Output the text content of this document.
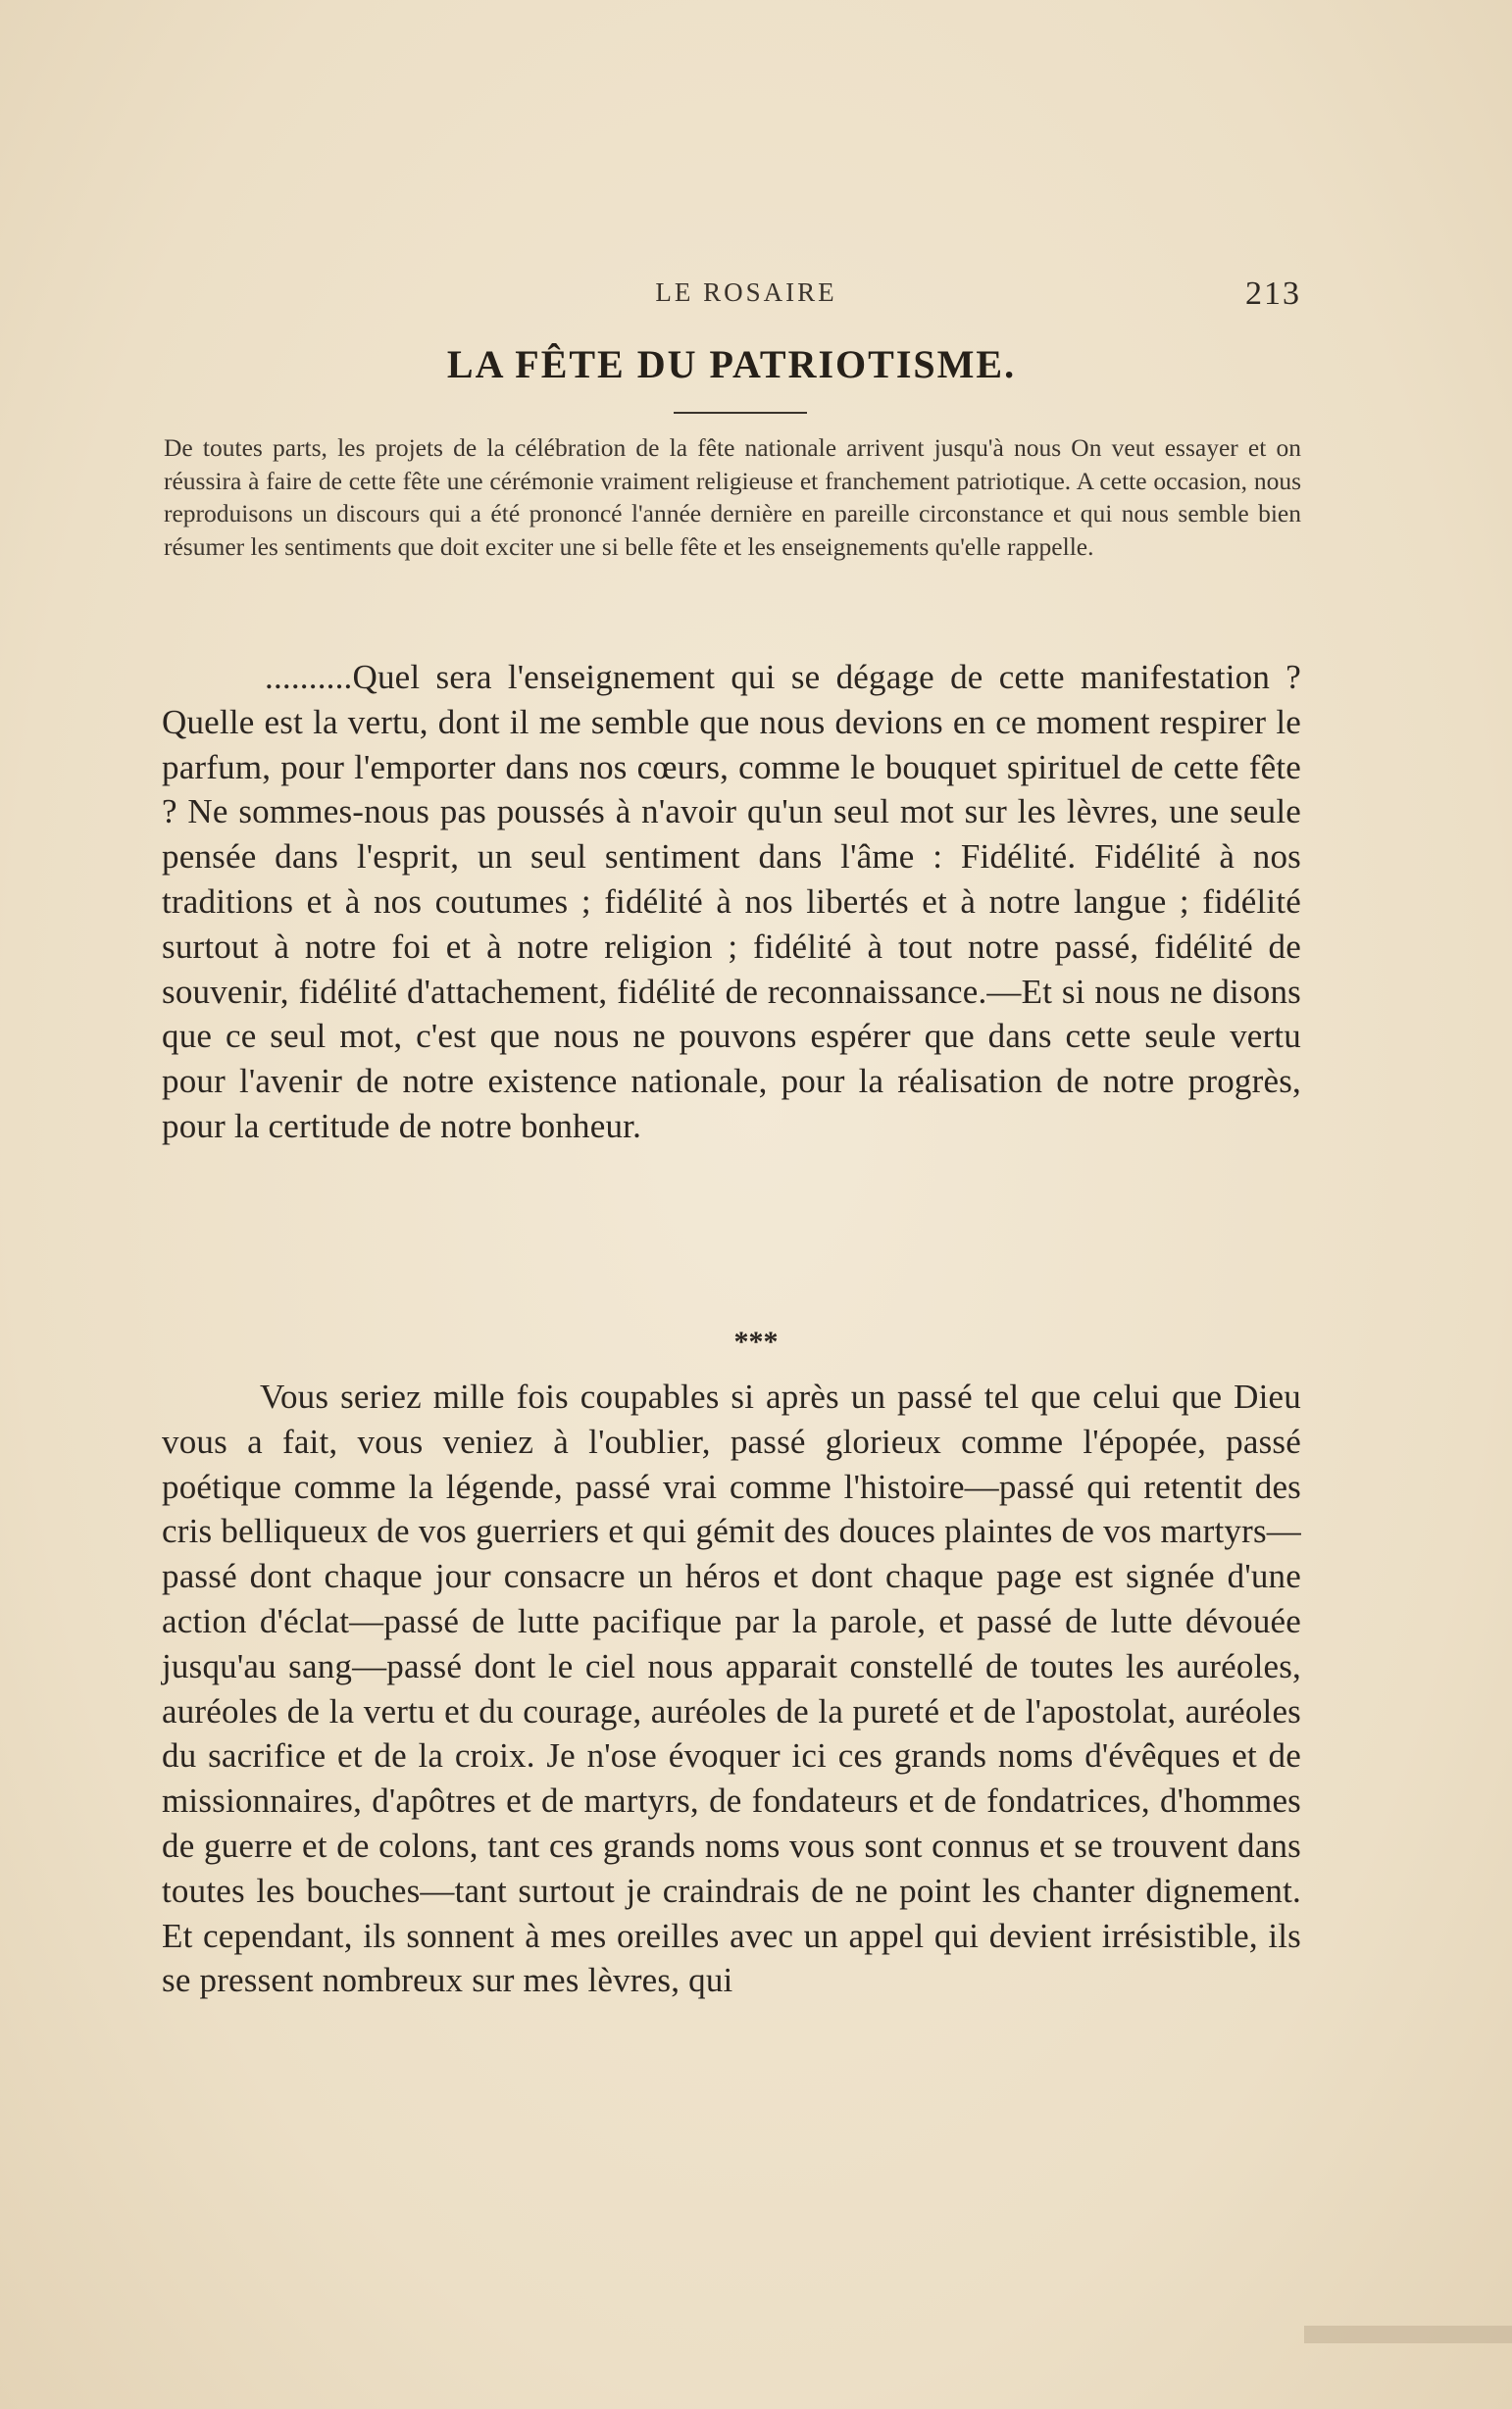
LE ROSAIRE	213
LA FÊTE DU PATRIOTISME.

De toutes parts, les projets de la célébration de la fête nationale arrivent jusqu'à nous On veut essayer et on réussira à faire de cette fête une cérémonie vraiment religieuse et franchement patriotique. A cette occasion, nous reproduisons un discours qui a été prononcé l'année dernière en pareille circonstance et qui nous semble bien résumer les sentiments que doit exciter une si belle fête et les enseignements qu'elle rappelle.

..........Quel sera l'enseignement qui se dégage de cette manifestation ? Quelle est la vertu, dont il me semble que nous devions en ce moment respirer le parfum, pour l'emporter dans nos cœurs, comme le bouquet spirituel de cette fête ? Ne sommes-nous pas poussés à n'avoir qu'un seul mot sur les lèvres, une seule pensée dans l'esprit, un seul sentiment dans l'âme : Fidélité. Fidélité à nos traditions et à nos coutumes ; fidélité à nos libertés et à notre langue ; fidélité surtout à notre foi et à notre religion ; fidélité à tout notre passé, fidélité de souvenir, fidélité d'attachement, fidélité de reconnaissance.—Et si nous ne disons que ce seul mot, c'est que nous ne pouvons espérer que dans cette seule vertu pour l'avenir de notre existence nationale, pour la réalisation de notre progrès, pour la certitude de notre bonheur.

***

Vous seriez mille fois coupables si après un passé tel que celui que Dieu vous a fait, vous veniez à l'oublier, passé glorieux comme l'épopée, passé poétique comme la légende, passé vrai comme l'histoire—passé qui retentit des cris belliqueux de vos guerriers et qui gémit des douces plaintes de vos martyrs—passé dont chaque jour consacre un héros et dont chaque page est signée d'une action d'éclat—passé de lutte pacifique par la parole, et passé de lutte dévouée jusqu'au sang—passé dont le ciel nous apparait constellé de toutes les auréoles, auréoles de la vertu et du courage, auréoles de la pureté et de l'apostolat, auréoles du sacrifice et de la croix. Je n'ose évoquer ici ces grands noms d'évêques et de missionnaires, d'apôtres et de martyrs, de fondateurs et de fondatrices, d'hommes de guerre et de colons, tant ces grands noms vous sont connus et se trouvent dans toutes les bouches—tant surtout je craindrais de ne point les chanter dignement. Et cependant, ils sonnent à mes oreilles avec un appel qui devient irrésistible, ils se pressent nombreux sur mes lèvres, qui
